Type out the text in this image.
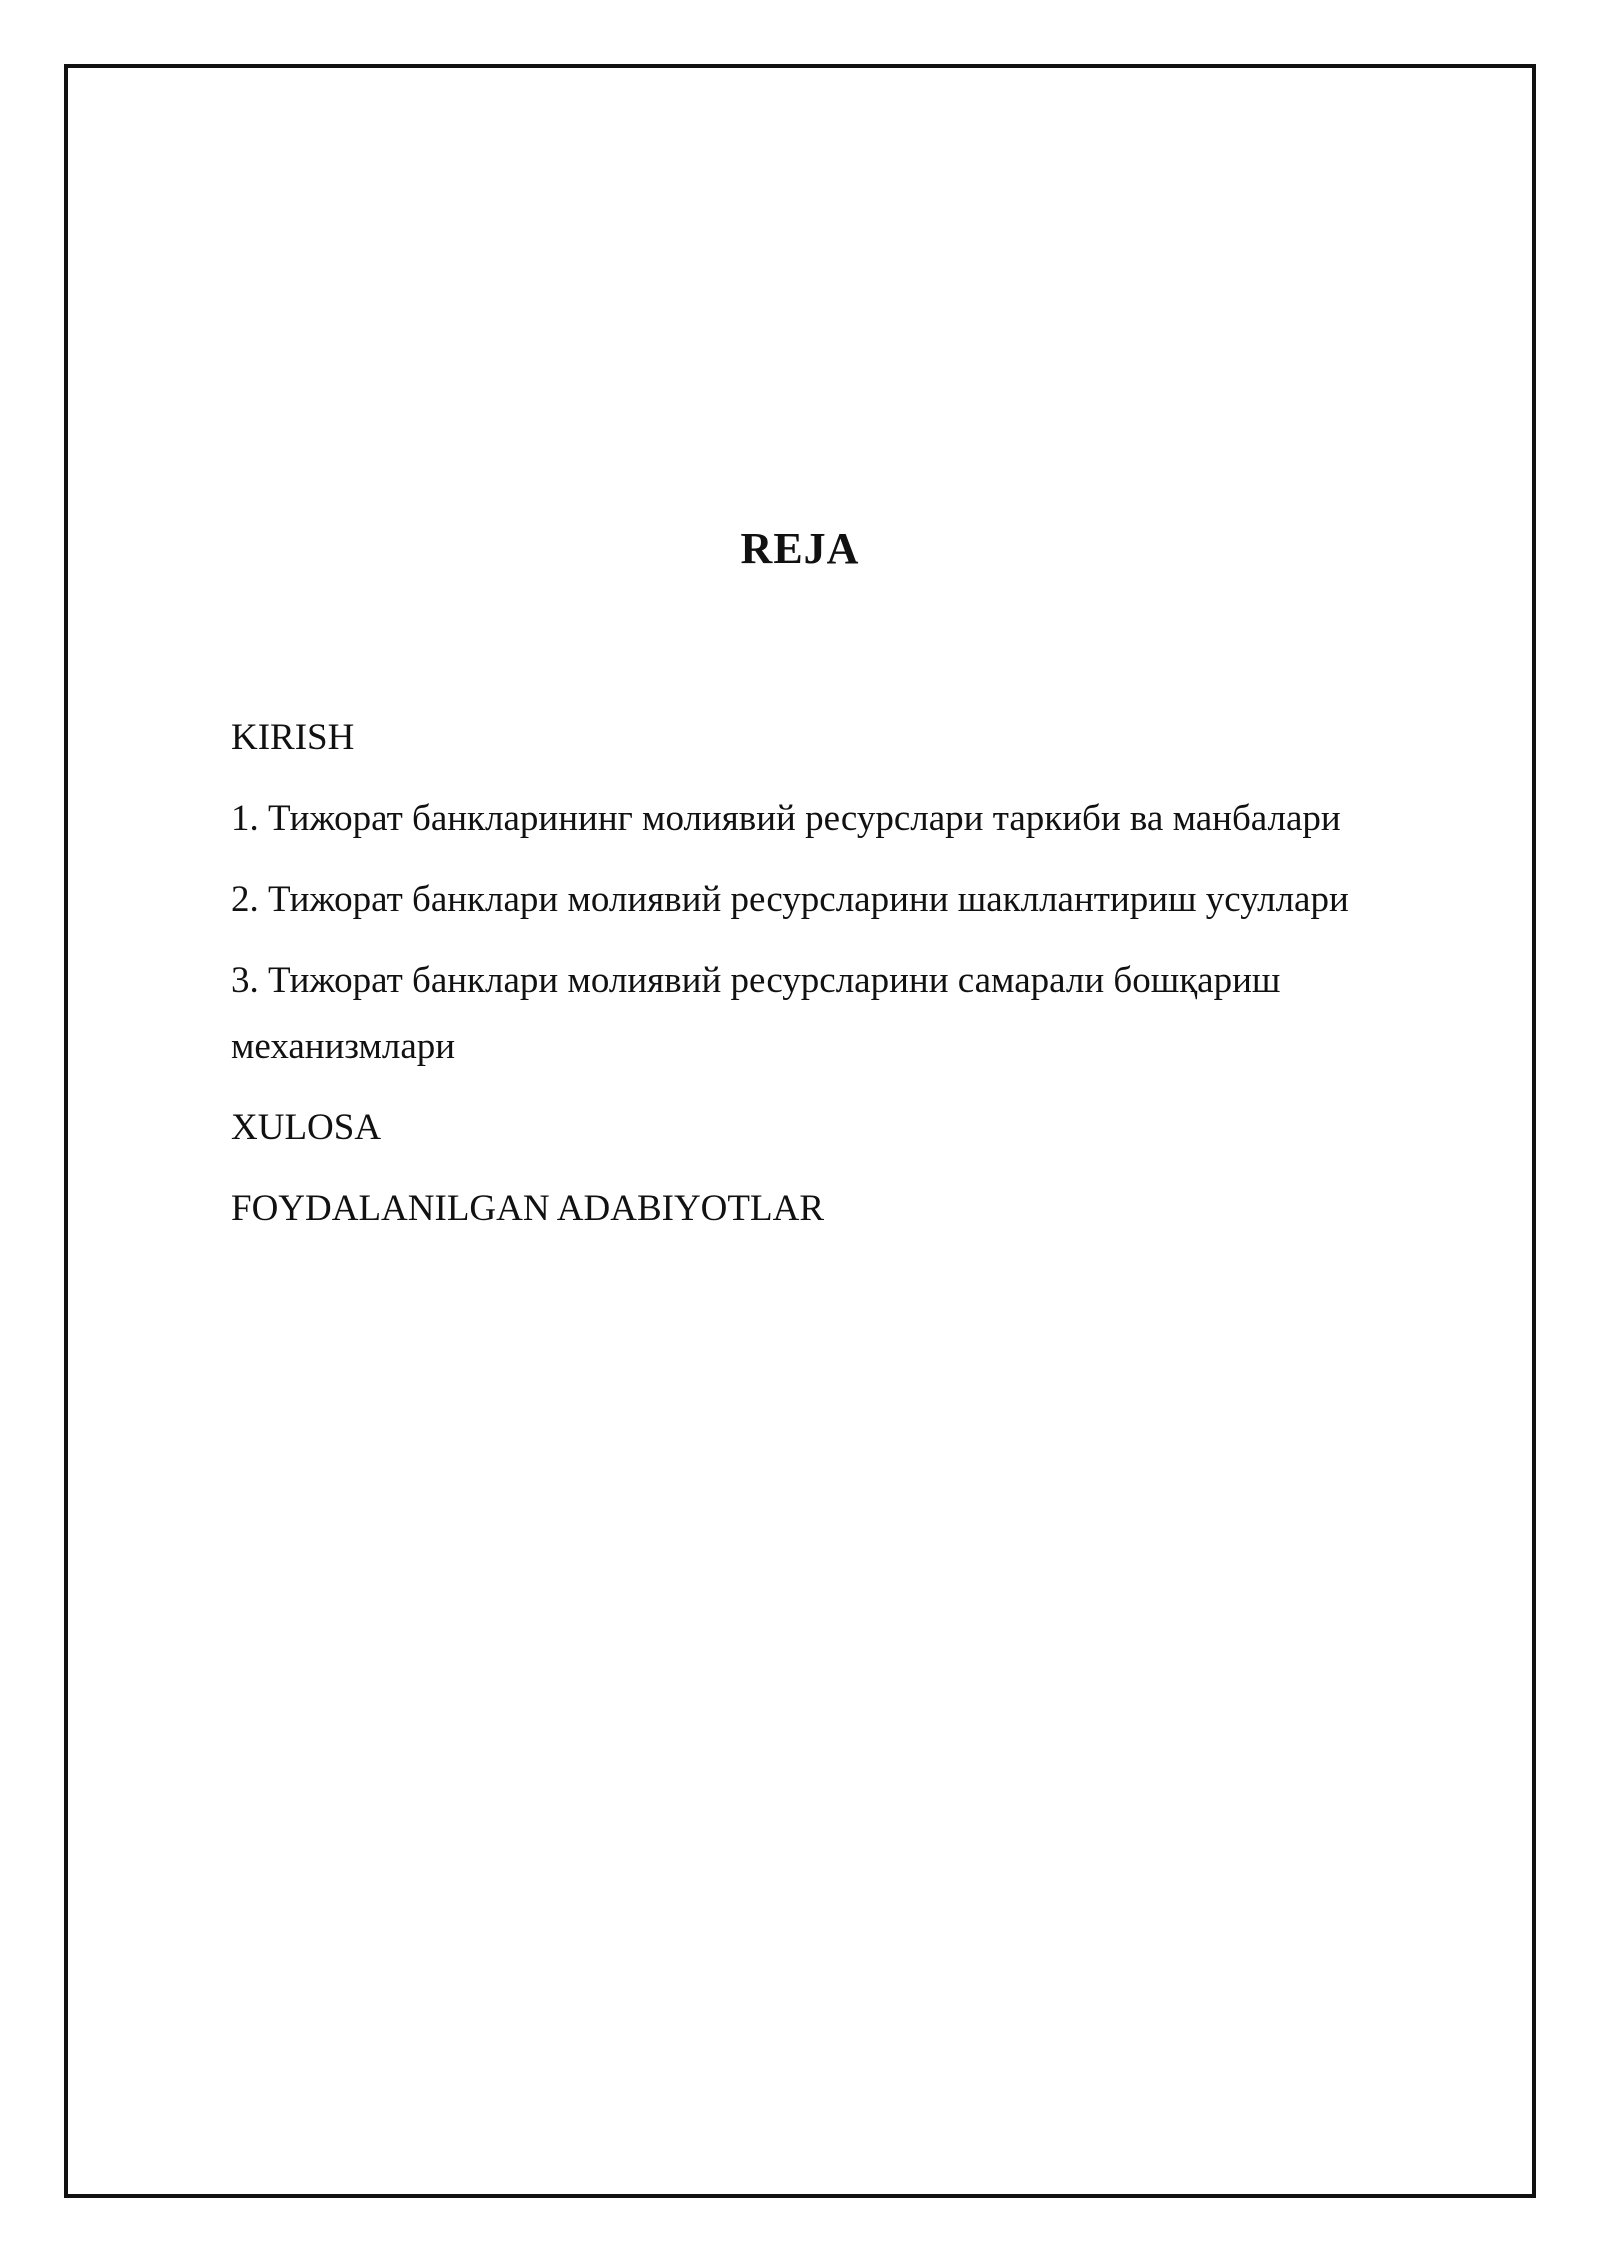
REJA
KIRISH
1. Тижорат банкларининг молиявий ресурслари таркиби ва манбалари
2. Тижорат банклари молиявий ресурсларини шакллантириш усуллари
3. Тижорат банклари молиявий ресурсларини самарали бошқариш механизмлари
XULOSA
FOYDALANILGAN ADABIYOTLAR
